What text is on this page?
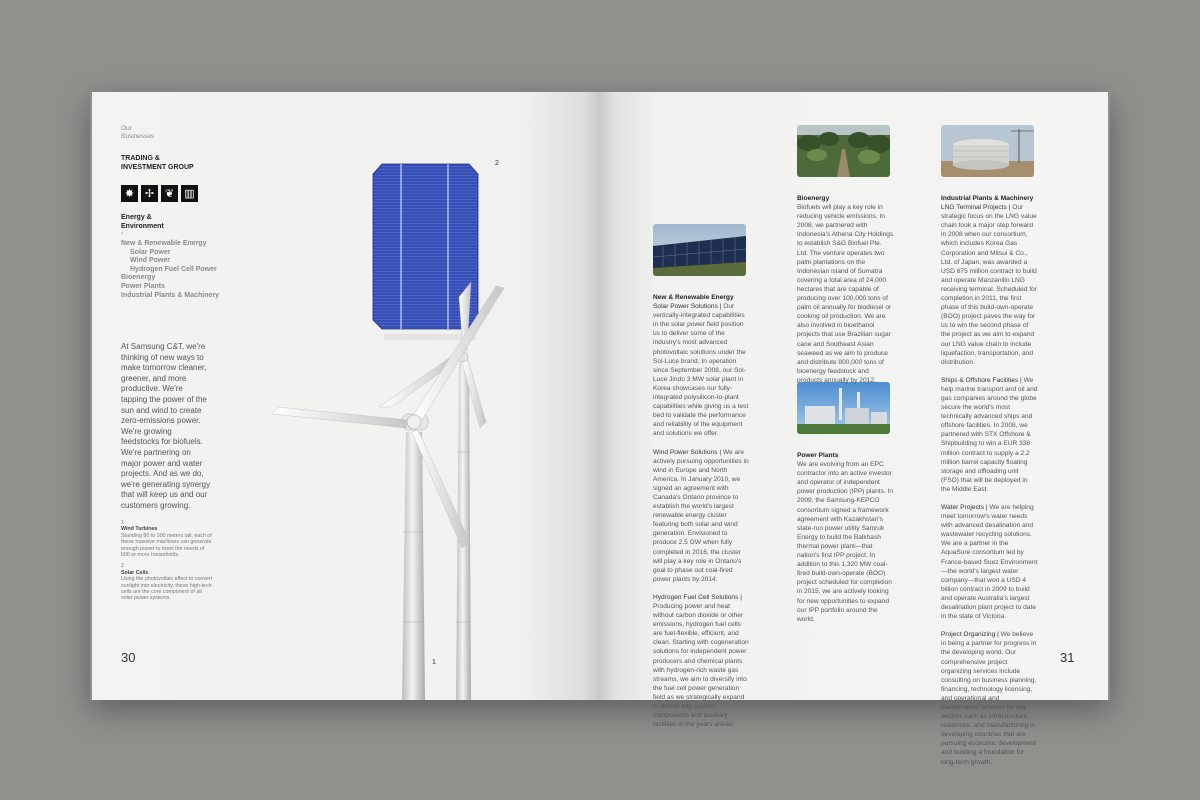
Our
Businesses
TRADING &
INVESTMENT GROUP
✸ ✢ ❦ ▥
Energy &
Environment
-
New & Renewable Energy
Solar Power
Wind Power
Hydrogen Fuel Cell Power
Bioenergy
Power Plants
Industrial Plants & Machinery
At Samsung C&T, we're thinking of new ways to make tomorrow cleaner, greener, and more productive. We're tapping the power of the sun and wind to create zero-emissions power. We're growing feedstocks for biofuels. We're partnering on major power and water projects. And as we do, we're generating synergy that will keep us and our customers growing.
1
Wind Turbines
Standing 80 to 100 meters tall, each of these massive machines can generate enough power to meet the needs of 500 or more households.
2
Solar Cells
Using the photovoltaic effect to convert sunlight into electricity, these high-tech cells are the core component of all solar power systems.
30
2
1
New & Renewable Energy

Solar Power Solutions | Our vertically-integrated capabilities in the solar power field position us to deliver some of the industry's most advanced photovoltaic solutions under the Sol-Luce brand. In operation since September 2008, our Sol-Luce Jindo 3 MW solar plant in Korea showcases our fully-integrated polysilicon-to-plant capabilities while giving us a test bed to validate the performance and reliability of the equipment and solutions we offer.

Wind Power Solutions | We are actively pursuing opportunities in wind in Europe and North America. In January 2010, we signed an agreement with Canada's Ontario province to establish the world's largest renewable energy cluster featuring both solar and wind generation. Envisioned to produce 2.5 GW when fully completed in 2016, the cluster will play a key role in Ontario's goal to phase out coal-fired power plants by 2014.

Hydrogen Fuel Cell Solutions | Producing power and heat without carbon dioxide or other emissions, hydrogen fuel cells are fuel-flexible, efficient, and clean. Starting with cogeneration solutions for independent power producers and chemical plants with hydrogen-rich waste gas streams, we aim to diversify into the fuel cell power generation field as we strategically expand to deliver key system components and auxiliary facilities in the years ahead.

Bioenergy

Biofuels will play a key role in reducing vehicle emissions. In 2008, we partnered with Indonesia's Athena City Holdings to establish S&G Biofuel Pte. Ltd. The venture operates two palm plantations on the Indonesian island of Sumatra covering a total area of 24,000 hectares that are capable of producing over 100,000 tons of palm oil annually for biodiesel or cooking oil production. We are also involved in bioethanol projects that use Brazilian sugar cane and Southeast Asian seaweed as we aim to produce and distribute 800,000 tons of bioenergy feedstock and products annually by 2012.

Power Plants

We are evolving from an EPC contractor into an active investor and operator of independent power production (IPP) plants. In 2009, the Samsung-KEPCO consortium signed a framework agreement with Kazakhstan's state-run power utility Samruk Energy to build the Balkhash thermal power plant—that nation's first IPP project. In addition to this 1,320 MW coal-fired build-own-operate (BOO) project scheduled for completion in 2015, we are actively looking for new opportunities to expand our IPP portfolio around the world.

Industrial Plants & Machinery

LNG Terminal Projects | Our strategic focus on the LNG value chain took a major step forward in 2008 when our consortium, which includes Korea Gas Corporation and Mitsui & Co., Ltd. of Japan, was awarded a USD 675 million contract to build and operate Manzanillo LNG receiving terminal. Scheduled for completion in 2011, the first phase of this build-own-operate (BOO) project paves the way for us to win the second phase of the project as we aim to expand our LNG value chain to include liquefaction, transportation, and distribution.

Ships & Offshore Facilities | We help marine transport and oil and gas companies around the globe secure the world's most technically advanced ships and offshore facilities. In 2008, we partnered with STX Offshore & Shipbuilding to win a EUR 338 million contract to supply a 2.2 million barrel capacity floating storage and offloading unit (FSO) that will be deployed in the Middle East.

Water Projects | We are helping meet tomorrow's water needs with advanced desalination and wastewater recycling solutions. We are a partner in the AquaSure consortium led by France-based Suez Environment—the world's largest water company—that won a USD 4 billion contract in 2009 to build and operate Australia's largest desalination plant project to date in the state of Victoria.

Project Organizing | We believe in being a partner for progress in the developing world. Our comprehensive project organizing services include consulting on business planning, financing, technology licensing, and operational and maintenance services for key sectors such as infrastructure, resources, and manufacturing in developing countries that are pursuing economic development and building a foundation for long-term growth.

31
